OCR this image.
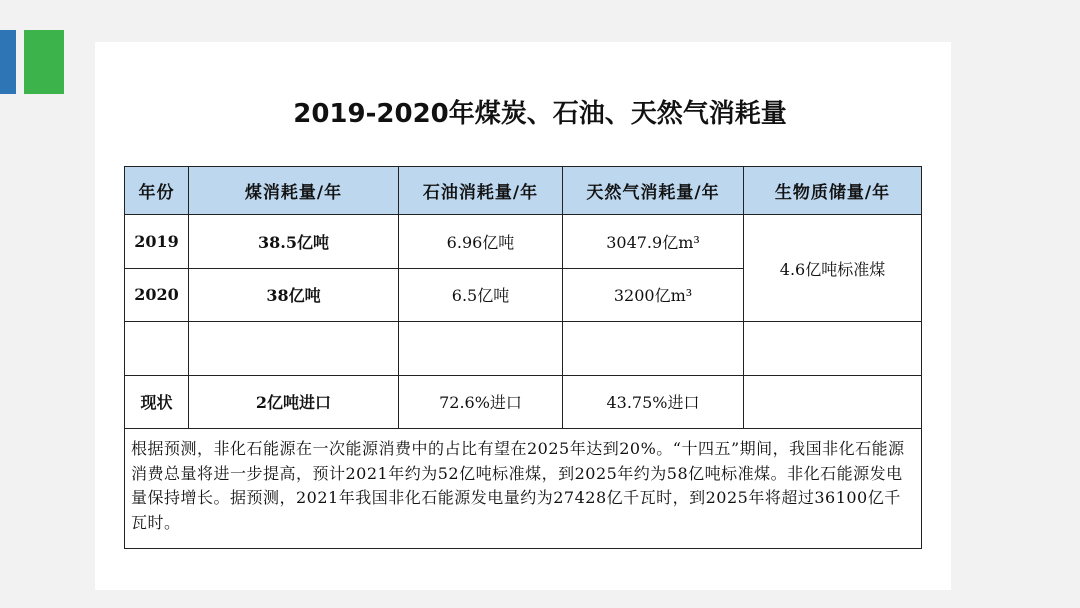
2019-2020年煤炭、石油、天然气消耗量
年份	煤消耗量/年	石油消耗量/年	天然气消耗量/年	生物质储量/年
2019	38.5亿吨	6.96亿吨	3047.9亿m³	4.6亿吨标准煤
2020	38亿吨	6.5亿吨	3200亿m³	

现状	2亿吨进口	72.6%进口	43.75%进口	
根据预测，非化石能源在一次能源消费中的占比有望在2025年达到20%。“十四五”期间，我国非化石能源消费总量将进一步提高，预计2021年约为52亿吨标准煤，到2025年约为58亿吨标准煤。非化石能源发电量保持增长。据预测，2021年我国非化石能源发电量约为27428亿千瓦时，到2025年将超过36100亿千瓦时。				
